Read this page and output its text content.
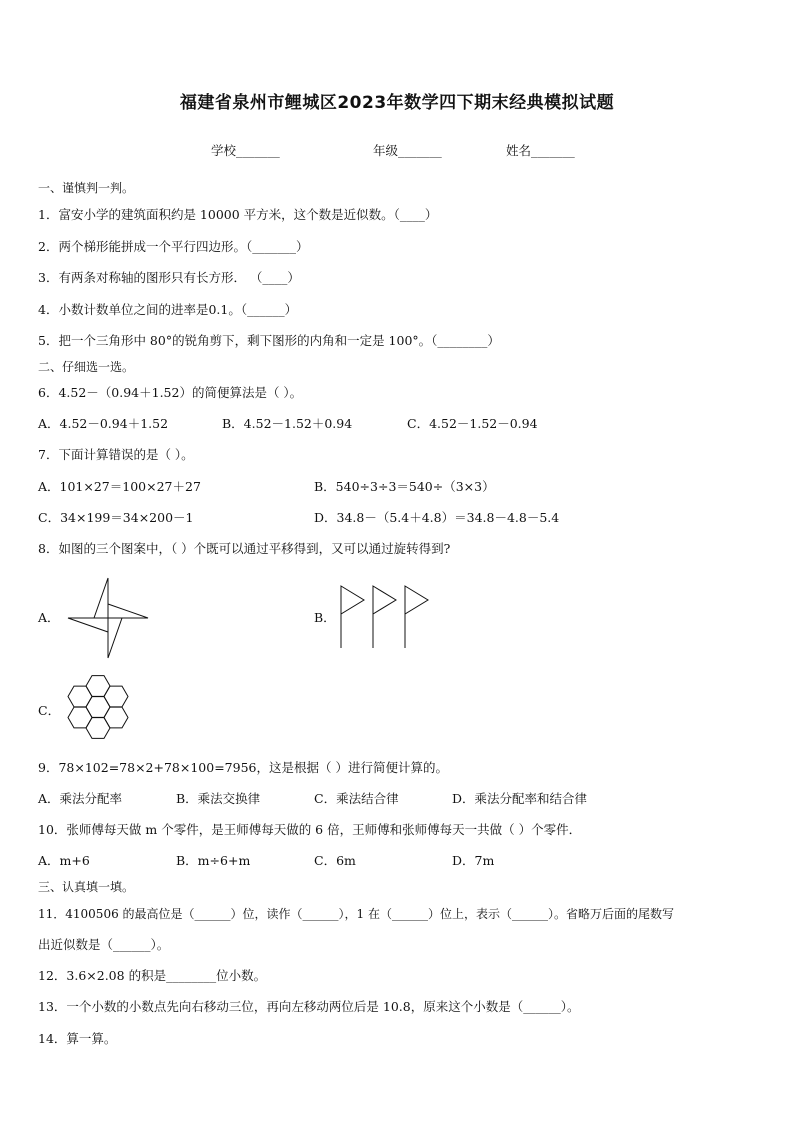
福建省泉州市鲤城区2023年数学四下期末经典模拟试题
学校_______	年级_______	姓名_______
一、谨慎判一判。
1．富安小学的建筑面积约是 10000 平方米，这个数是近似数。（____）
2．两个梯形能拼成一个平行四边形。（_______）
3．有两条对称轴的图形只有长方形． （____）
4．小数计数单位之间的进率是0.1。（______）
5．把一个三角形中 80°的锐角剪下，剩下图形的内角和一定是 100°。（________）
二、仔细选一选。
6．4.52－（0.94＋1.52）的简便算法是（ ）。
A．4.52－0.94＋1.52	B．4.52－1.52＋0.94	C．4.52－1.52－0.94
7．下面计算错误的是（ ）。
A．101×27＝100×27＋27	B．540÷3÷3＝540÷（3×3）
C．34×199＝34×200－1	D．34.8－（5.4＋4.8）＝34.8－4.8－5.4
8．如图的三个图案中，（ ）个既可以通过平移得到，又可以通过旋转得到?
A．	B．
C．
9．78×102=78×2+78×100=7956，这是根据（ ）进行简便计算的。
A．乘法分配率	B．乘法交换律	C．乘法结合律	D．乘法分配率和结合律
10．张师傅每天做 m 个零件，是王师傅每天做的 6 倍，王师傅和张师傅每天一共做（ ）个零件．
A．m+6	B．m÷6+m	C．6m	D．7m
三、认真填一填。
11．4100506 的最高位是（______）位，读作（______），1 在（______）位上，表示（______）。省略万后面的尾数写
出近似数是（______）。
12．3.6×2.08 的积是________位小数。
13．一个小数的小数点先向右移动三位，再向左移动两位后是 10.8，原来这个小数是（______）。
14．算一算。
